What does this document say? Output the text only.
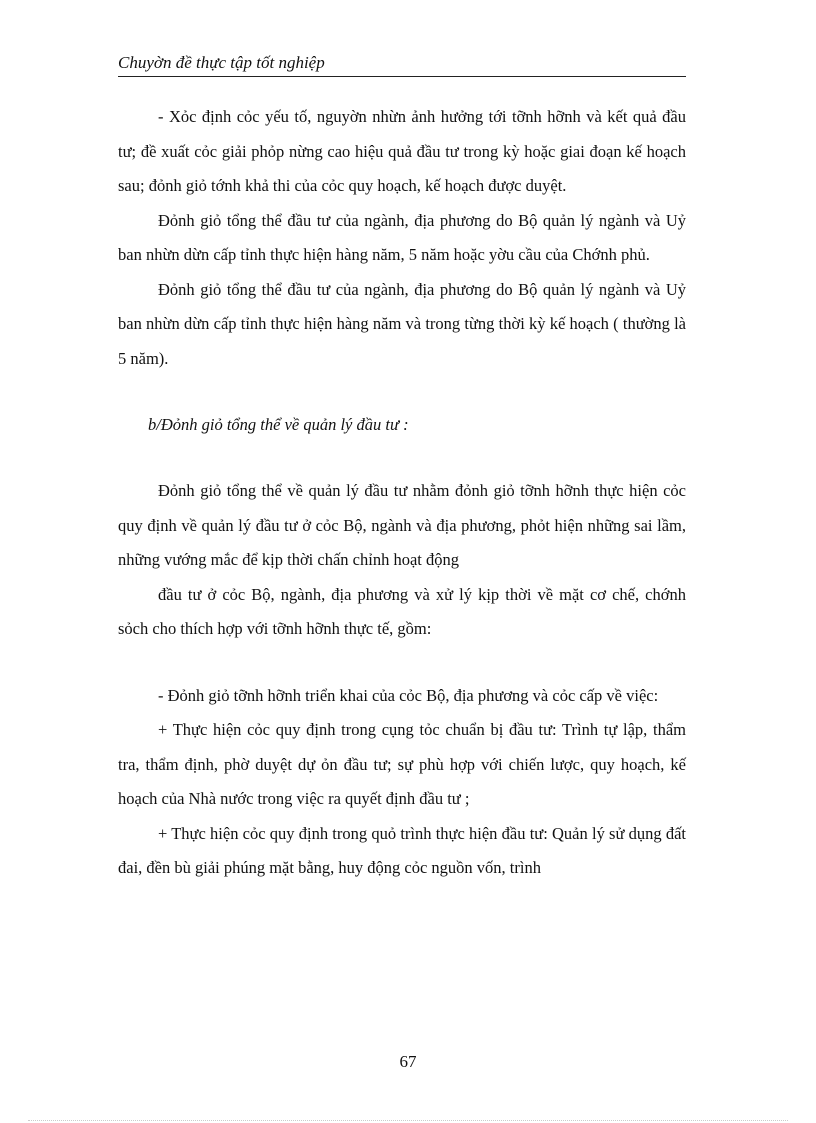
Chuyờn đề thực tập tốt nghiệp

- Xỏc định cỏc yếu tố, nguyờn nhừn ảnh hưởng tới tỡnh hỡnh và kết quả đầu tư; đề xuất cỏc giải phỏp nừng cao hiệu quả đầu tư trong kỳ hoặc giai đoạn kế hoạch sau; đỏnh giỏ tớnh khả thi của cỏc quy hoạch, kế hoạch được duyệt.

Đỏnh giỏ tổng thể đầu tư của ngành, địa phương do Bộ quản lý ngành và Uỷ ban nhừn dừn cấp tỉnh thực hiện hàng năm, 5 năm hoặc yờu cầu của Chớnh phủ.

Đỏnh giỏ tổng thể đầu tư của ngành, địa phương do Bộ quản lý ngành và Uỷ ban nhừn dừn cấp tỉnh thực hiện hàng năm và trong từng thời kỳ kế hoạch ( thường là 5 năm).

b/Đỏnh giỏ tổng thể về quản lý đầu tư :

Đỏnh giỏ tổng thể về quản lý đầu tư nhằm đỏnh giỏ tỡnh hỡnh thực hiện cỏc quy định về quản lý đầu tư ở cỏc Bộ, ngành và địa phương, phỏt hiện những sai lầm, những vướng mắc để kịp thời chấn chỉnh hoạt động

đầu tư ở cỏc Bộ, ngành, địa phương và xử lý kịp thời về mặt cơ chế, chớnh sỏch cho thích hợp với tỡnh hỡnh thực tế, gồm:

- Đỏnh giỏ tỡnh hỡnh triển khai của cỏc Bộ, địa phương và cỏc cấp về việc:

+ Thực hiện cỏc quy định trong cụng tỏc chuẩn bị đầu tư: Trình tự lập, thẩm tra, thẩm định, phờ duyệt dự ỏn đầu tư; sự phù hợp với chiến lược, quy hoạch, kế hoạch của Nhà nước trong việc ra quyết định đầu tư ;

+ Thực hiện cỏc quy định trong quỏ trình thực hiện đầu tư: Quản lý sử dụng đất đai, đền bù giải phúng mặt bằng, huy động cỏc nguồn vốn, trình

67
